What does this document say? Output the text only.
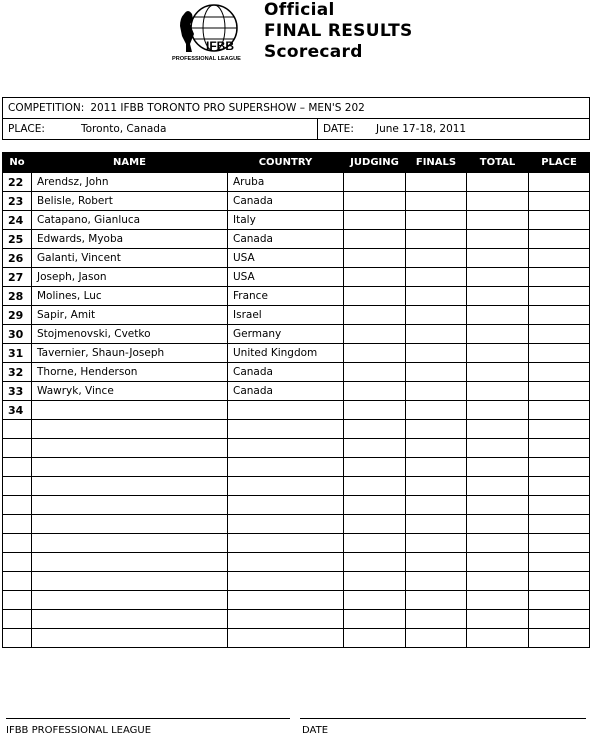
IFBB
PROFESSIONAL LEAGUE
Official
FINAL RESULTS
Scorecard
COMPETITION: 2011 IFBB TORONTO PRO SUPERSHOW – MEN'S 202
PLACE:	Toronto, Canada	DATE:	June 17-18, 2011
No	NAME	COUNTRY	JUDGING	FINALS	TOTAL	PLACE
22	Arendsz, John	Aruba				
23	Belisle, Robert	Canada				
24	Catapano, Gianluca	Italy				
25	Edwards, Myoba	Canada				
26	Galanti, Vincent	USA				
27	Joseph, Jason	USA				
28	Molines, Luc	France				
29	Sapir, Amit	Israel				
30	Stojmenovski, Cvetko	Germany				
31	Tavernier, Shaun-Joseph	United Kingdom				
32	Thorne, Henderson	Canada				
33	Wawryk, Vince	Canada				
34						

IFBB PROFESSIONAL LEAGUE	DATE
